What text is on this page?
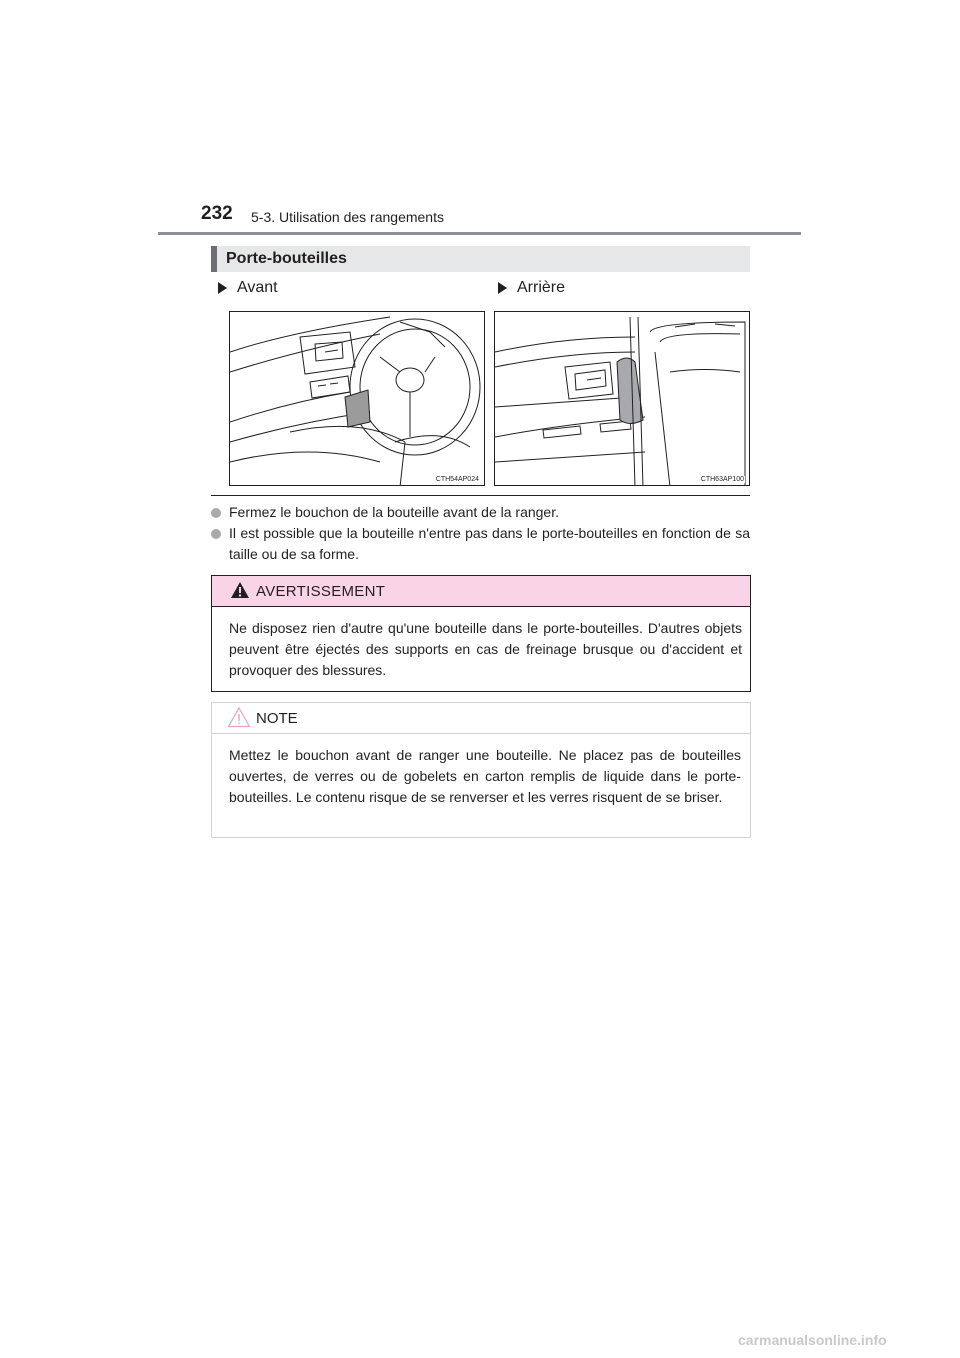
232 5-3. Utilisation des rangements
Porte-bouteilles
Avant	Arrière
CTH54AP024	CTH63AP100
Fermez le bouchon de la bouteille avant de la ranger.
Il est possible que la bouteille n'entre pas dans le porte-bouteilles en fonction de sa taille ou de sa forme.
AVERTISSEMENT
Ne disposez rien d'autre qu'une bouteille dans le porte-bouteilles. D'autres objets peuvent être éjectés des supports en cas de freinage brusque ou d'accident et provoquer des blessures.
NOTE
Mettez le bouchon avant de ranger une bouteille. Ne placez pas de bouteilles ouvertes, de verres ou de gobelets en carton remplis de liquide dans le porte-bouteilles. Le contenu risque de se renverser et les verres risquent de se briser.
carmanualsonline.info
